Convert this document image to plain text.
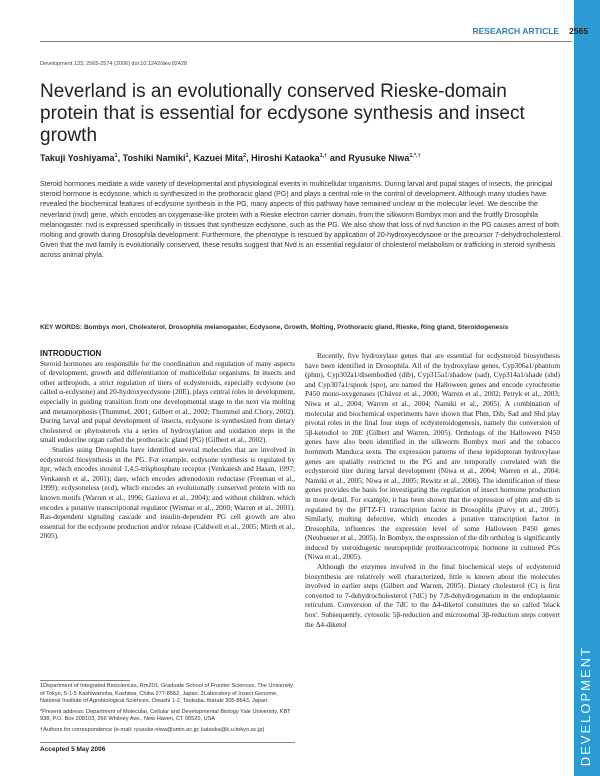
DEVELOPMENT
RESEARCH ARTICLE 2565
Development 133, 2565-2574 (2006) doi:10.1242/dev.02428
Neverland is an evolutionally conserved Rieske-domain protein that is essential for ecdysone synthesis and insect growth
Takuji Yoshiyama$^1$, Toshiki Namiki$^1$, Kazuei Mita$^2$, Hiroshi Kataoka$^{1,\dagger}$ and Ryusuke Niwa$^{1,*,\dagger}$

Steroid hormones mediate a wide variety of developmental and physiological events in multicellular organisms. During larval and pupal stages of insects, the principal steroid hormone is ecdysone, which is synthesized in the prothoracic gland (PG) and plays a central role in the control of development. Although many studies have revealed the biochemical features of ecdysone synthesis in the PG, many aspects of this pathway have remained unclear at the molecular level. We describe the neverland (nvd) gene, which encodes an oxygenase-like protein with a Rieske electron carrier domain, from the silkworm Bombyx mori and the fruitfly Drosophila melanogaster. nvd is expressed specifically in tissues that synthesize ecdysone, such as the PG. We also show that loss of nvd function in the PG causes arrest of both molting and growth during Drosophila development. Furthermore, the phenotype is rescued by application of 20-hydroxyecdysone or the precursor 7-dehydrocholesterol. Given that the nvd family is evolutionally conserved, these results suggest that Nvd is an essential regulator of cholesterol metabolism or trafficking in steroid synthesis across animal phyla.

KEY WORDS: Bombyx mori, Cholesterol, Drosophila melanogaster, Ecdysone, Growth, Molting, Prothoracic gland, Rieske, Ring gland, Steroidogenesis

INTRODUCTION

Steroid hormones are responsible for the coordination and regulation of many aspects of development, growth and differentiation of multicellular organisms. In insects and other arthropods, a strict regulation of titers of ecdysteroids, especially ecdysone (so called α-ecdysone) and 20-hydroxyecdysone (20E), plays central roles in development, especially in guiding transition from one developmental stage to the next via molting and metamorphosis (Thummel, 2001; Gilbert et al., 2002; Thummel and Chory, 2002). During larval and pupal development of insects, ecdysone is synthesized from dietary cholesterol or phytosterols via a series of hydroxylation and oxidation steps in the small endocrine organ called the prothoracic gland (PG) (Gilbert et al., 2002).

Studies using Drosophila have identified several molecules that are involved in ecdysteroid biosynthesis in the PG. For example, ecdysone synthesis is regulated by itpr, which encodes inositol 1,4,5-trisphosphate receptor (Venkatesh and Hasan, 1997; Venkatesh et al., 2001); dare, which encodes adrenodoxin reductase (Freeman et al., 1999); ecdysoneless (ecd), which encodes an evolutionally conserved protein with no known motifs (Warren et al., 1996; Gaziova et al., 2004); and without children, which encodes a putative transcriptional regulator (Wismar et al., 2000; Warren et al., 2001). Ras-dependent signaling cascade and insulin-dependent PG cell growth are also essential for the ecdysone production and/or release (Caldwell et al., 2005; Mirth et al., 2005).

Recently, five hydroxylase genes that are essential for ecdysteroid biosynthesis have been identified in Drosophila. All of the hydroxylase genes, Cyp306a1/phantom (phm), Cyp302a1/disembodied (dib), Cyp315a1/shadow (sad), Cyp314a1/shade (shd) and Cyp307a1/spook (spo), are named the Halloween genes and encode cytochrome P450 mono-oxygenases (Chávez et al., 2000; Warren et al., 2002; Petryk et al., 2003; Niwa et al., 2004; Warren et al., 2004; Namiki et al., 2005). A combination of molecular and biochemical experiments have shown that Phm, Dib, Sad and Shd play pivotal roles in the final four steps of ecdysteroidogenesis, namely the conversion of 5β-ketodiol to 20E (Gilbert and Warren, 2005). Orthologs of the Halloween P450 genes have also been identified in the silkworm Bombyx mori and the tobacco hornmoth Manduca sexta. The expression patterns of these lepidopteran hydroxylase genes are spatially restricted to the PG and are temporally correlated with the ecdysteroid titer during larval development (Niwa et al., 2004; Warren et al., 2004; Namiki et al., 2005; Niwa et al., 2005; Rewitz et al., 2006). The identification of these genes provides the basis for investigating the regulation of insect hormone production in more detail. For example, it has been shown that the expression of phm and dib is regulated by the βFTZ-F1 transcription factor in Drosophila (Parvy et al., 2005). Similarly, molting defective, which encodes a putative transcription factor in Drosophila, influences the expression level of some Halloween P450 genes (Neubueser et al., 2005). In Bombyx, the expression of the dib ortholog is significantly induced by steroidogenic neuropeptide prothoracicotropic hormone in cultured PGs (Niwa et al., 2005).

Although the enzymes involved in the final biochemical steps of ecdysteroid biosynthesis are relatively well characterized, little is known about the molecules involved in earlier steps (Gilbert and Warren, 2005). Dietary cholesterol (C) is first converted to 7-dehydrocholesterol (7dC) by 7,8-dehydrogenation in the endoplasmic reticulum. Conversion of the 7dC to the Δ4-diketol constitutes the so called 'black box'. Subsequently, cytosolic 5β-reduction and microsomal 3β-reduction steps convert the Δ4-diketol

1Department of Integrated Biosciences, Rm201, Graduate School of Frontier Sciences, The University of Tokyo, 5-1-5 Kashiwanoha, Kashiwa, Chiba 277-8562, Japan. 2Laboratory of Insect Genome, National Institute of Agrobiological Sciences, Owashi 1-2, Tsukuba, Ibaraki 305-8643, Japan.

*Present address: Department of Molecular, Cellular and Developmental Biology Yale University, KBT 938, P.O. Box 208103, 266 Whitney Ave., New Haven, CT 06520, USA

†Authors for correspondence (e-mail: ryusuke-niwa@umin.ac.jp; kataoka@k.u-tokyo.ac.jp)

Accepted 5 May 2006
